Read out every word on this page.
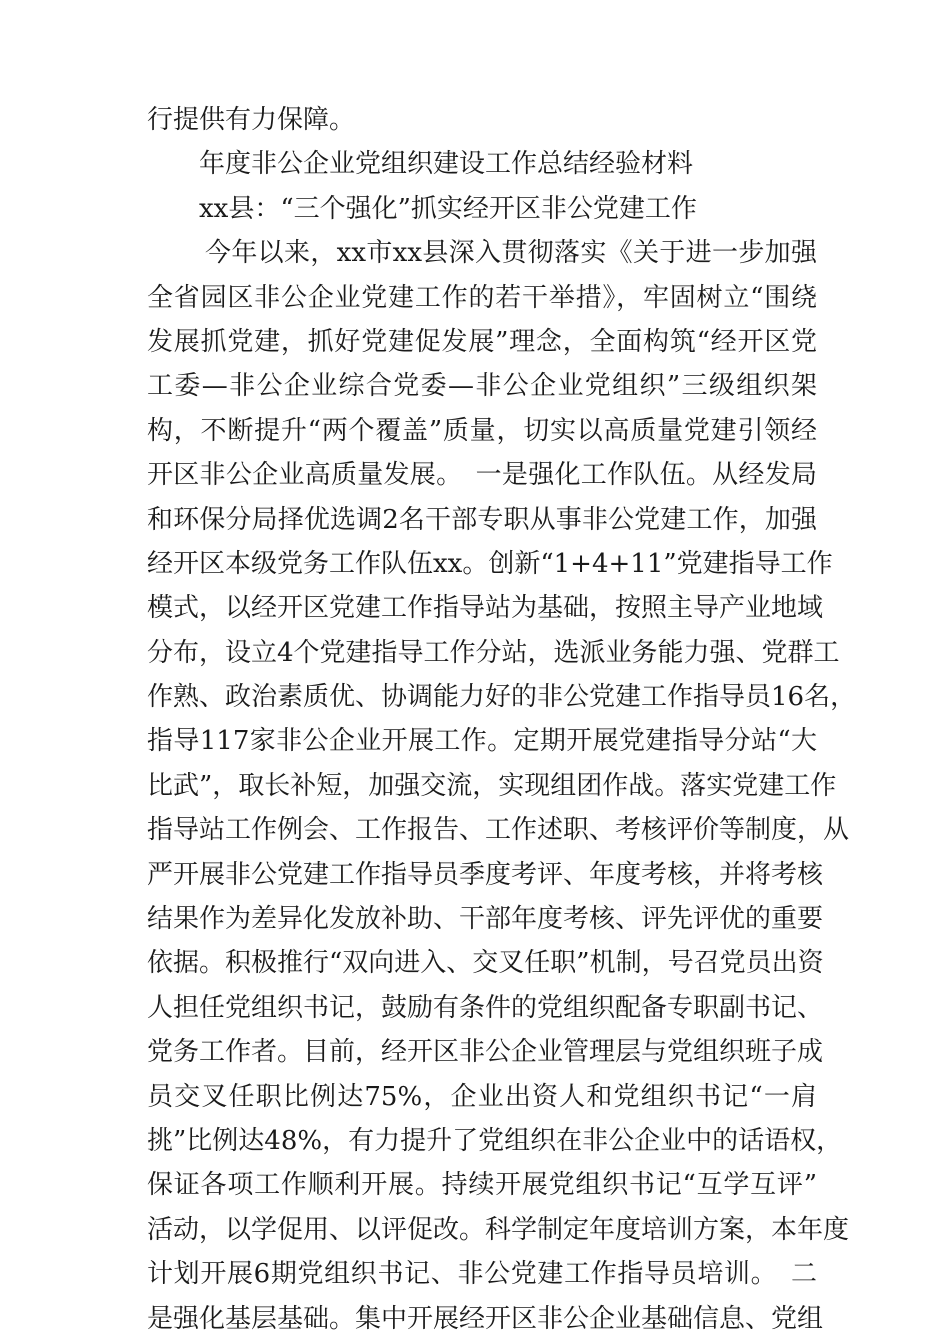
行提供有力保障。
年度非公企业党组织建设工作总结经验材料
xx县：“三个强化”抓实经开区非公党建工作
今年以来，xx市xx县深入贯彻落实《关于进一步加强
全省园区非公企业党建工作的若干举措》，牢固树立“围绕
发展抓党建，抓好党建促发展”理念，全面构筑“经开区党
工委—非公企业综合党委—非公企业党组织”三级组织架
构，不断提升“两个覆盖”质量，切实以高质量党建引领经
开区非公企业高质量发展。　一是强化工作队伍。从经发局
和环保分局择优选调2名干部专职从事非公党建工作，加强
经开区本级党务工作队伍xx。创新“1+4+11”党建指导工作
模式，以经开区党建工作指导站为基础，按照主导产业地域
分布，设立4个党建指导工作分站，选派业务能力强、党群工
作熟、政治素质优、协调能力好的非公党建工作指导员16名，
指导117家非公企业开展工作。定期开展党建指导分站“大
比武”，取长补短，加强交流，实现组团作战。落实党建工作
指导站工作例会、工作报告、工作述职、考核评价等制度，从
严开展非公党建工作指导员季度考评、年度考核，并将考核
结果作为差异化发放补助、干部年度考核、评先评优的重要
依据。积极推行“双向进入、交叉任职”机制，号召党员出资
人担任党组织书记，鼓励有条件的党组织配备专职副书记、
党务工作者。目前，经开区非公企业管理层与党组织班子成
员交叉任职比例达75%，企业出资人和党组织书记“一肩
挑”比例达48%，有力提升了党组织在非公企业中的话语权，
保证各项工作顺利开展。持续开展党组织书记“互学互评”
活动，以学促用、以评促改。科学制定年度培训方案，本年度
计划开展6期党组织书记、非公党建工作指导员培训。　二
是强化基层基础。集中开展经开区非公企业基础信息、党组
